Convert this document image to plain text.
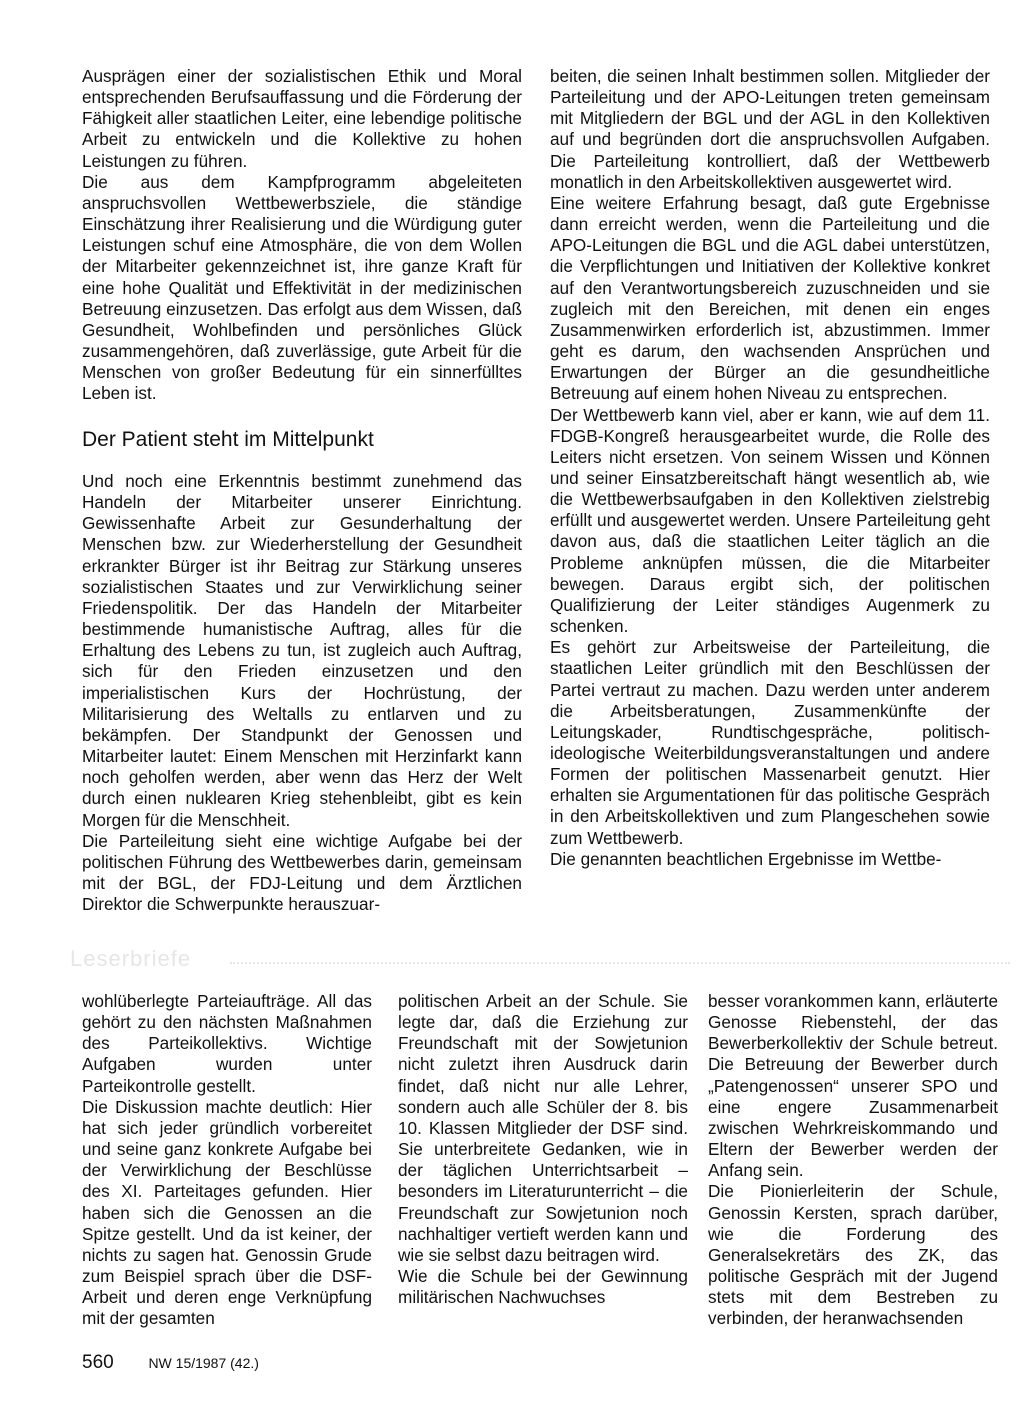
Ausprägen einer der sozialistischen Ethik und Moral entsprechenden Berufsauffassung und die Förderung der Fähigkeit aller staatlichen Leiter, eine lebendige politische Arbeit zu entwickeln und die Kollektive zu hohen Leistungen zu führen.

Die aus dem Kampfprogramm abgeleiteten anspruchsvollen Wettbewerbsziele, die ständige Einschätzung ihrer Realisierung und die Würdigung guter Leistungen schuf eine Atmosphäre, die von dem Wollen der Mitarbeiter gekennzeichnet ist, ihre ganze Kraft für eine hohe Qualität und Effektivität in der medizinischen Betreuung einzusetzen. Das erfolgt aus dem Wissen, daß Gesundheit, Wohlbefinden und persönliches Glück zusammengehören, daß zuverlässige, gute Arbeit für die Menschen von großer Bedeutung für ein sinnerfülltes Leben ist.

Der Patient steht im Mittelpunkt

Und noch eine Erkenntnis bestimmt zunehmend das Handeln der Mitarbeiter unserer Einrichtung. Gewissenhafte Arbeit zur Gesunderhaltung der Menschen bzw. zur Wiederherstellung der Gesundheit erkrankter Bürger ist ihr Beitrag zur Stärkung unseres sozialistischen Staates und zur Verwirklichung seiner Friedenspolitik. Der das Handeln der Mitarbeiter bestimmende humanistische Auftrag, alles für die Erhaltung des Lebens zu tun, ist zugleich auch Auftrag, sich für den Frieden einzusetzen und den imperialistischen Kurs der Hochrüstung, der Militarisierung des Weltalls zu entlarven und zu bekämpfen. Der Standpunkt der Genossen und Mitarbeiter lautet: Einem Menschen mit Herzinfarkt kann noch geholfen werden, aber wenn das Herz der Welt durch einen nuklearen Krieg stehenbleibt, gibt es kein Morgen für die Menschheit.

Die Parteileitung sieht eine wichtige Aufgabe bei der politischen Führung des Wettbewerbes darin, gemeinsam mit der BGL, der FDJ-Leitung und dem Ärztlichen Direktor die Schwerpunkte herauszuar-

beiten, die seinen Inhalt bestimmen sollen. Mitglieder der Parteileitung und der APO-Leitungen treten gemeinsam mit Mitgliedern der BGL und der AGL in den Kollektiven auf und begründen dort die anspruchsvollen Aufgaben. Die Parteileitung kontrolliert, daß der Wettbewerb monatlich in den Arbeitskollektiven ausgewertet wird.

Eine weitere Erfahrung besagt, daß gute Ergebnisse dann erreicht werden, wenn die Parteileitung und die APO-Leitungen die BGL und die AGL dabei unterstützen, die Verpflichtungen und Initiativen der Kollektive konkret auf den Verantwortungsbereich zuzuschneiden und sie zugleich mit den Bereichen, mit denen ein enges Zusammenwirken erforderlich ist, abzustimmen. Immer geht es darum, den wachsenden Ansprüchen und Erwartungen der Bürger an die gesundheitliche Betreuung auf einem hohen Niveau zu entsprechen.

Der Wettbewerb kann viel, aber er kann, wie auf dem 11. FDGB-Kongreß herausgearbeitet wurde, die Rolle des Leiters nicht ersetzen. Von seinem Wissen und Können und seiner Einsatzbereitschaft hängt wesentlich ab, wie die Wettbewerbsaufgaben in den Kollektiven zielstrebig erfüllt und ausgewertet werden. Unsere Parteileitung geht davon aus, daß die staatlichen Leiter täglich an die Probleme anknüpfen müssen, die die Mitarbeiter bewegen. Daraus ergibt sich, der politischen Qualifizierung der Leiter ständiges Augenmerk zu schenken.

Es gehört zur Arbeitsweise der Parteileitung, die staatlichen Leiter gründlich mit den Beschlüssen der Partei vertraut zu machen. Dazu werden unter anderem die Arbeitsberatungen, Zusammenkünfte der Leitungskader, Rundtischgespräche, politisch-ideologische Weiterbildungsveranstaltungen und andere Formen der politischen Massenarbeit genutzt. Hier erhalten sie Argumentationen für das politische Gespräch in den Arbeitskollektiven und zum Plangeschehen sowie zum Wettbewerb.

Die genannten beachtlichen Ergebnisse im Wettbe-

Leserbriefe

wohlüberlegte Parteiaufträge. All das gehört zu den nächsten Maßnahmen des Parteikollektivs. Wichtige Aufgaben wurden unter Parteikontrolle gestellt.

Die Diskussion machte deutlich: Hier hat sich jeder gründlich vorbereitet und seine ganz konkrete Aufgabe bei der Verwirklichung der Beschlüsse des XI. Parteitages gefunden. Hier haben sich die Genossen an die Spitze gestellt. Und da ist keiner, der nichts zu sagen hat. Genossin Grude zum Beispiel sprach über die DSF-Arbeit und deren enge Verknüpfung mit der gesamten

politischen Arbeit an der Schule. Sie legte dar, daß die Erziehung zur Freundschaft mit der Sowjetunion nicht zuletzt ihren Ausdruck darin findet, daß nicht nur alle Lehrer, sondern auch alle Schüler der 8. bis 10. Klassen Mitglieder der DSF sind. Sie unterbreitete Gedanken, wie in der täglichen Unterrichtsarbeit – besonders im Literaturunterricht – die Freundschaft zur Sowjetunion noch nachhaltiger vertieft werden kann und wie sie selbst dazu beitragen wird.

Wie die Schule bei der Gewinnung militärischen Nachwuchses

besser vorankommen kann, erläuterte Genosse Riebenstehl, der das Bewerberkollektiv der Schule betreut. Die Betreuung der Bewerber durch „Patengenossen“ unserer SPO und eine engere Zusammenarbeit zwischen Wehrkreiskommando und Eltern der Bewerber werden der Anfang sein.

Die Pionierleiterin der Schule, Genossin Kersten, sprach darüber, wie die Forderung des Generalsekretärs des ZK, das politische Gespräch mit der Jugend stets mit dem Bestreben zu verbinden, der heranwachsenden

560 NW 15/1987 (42.)
